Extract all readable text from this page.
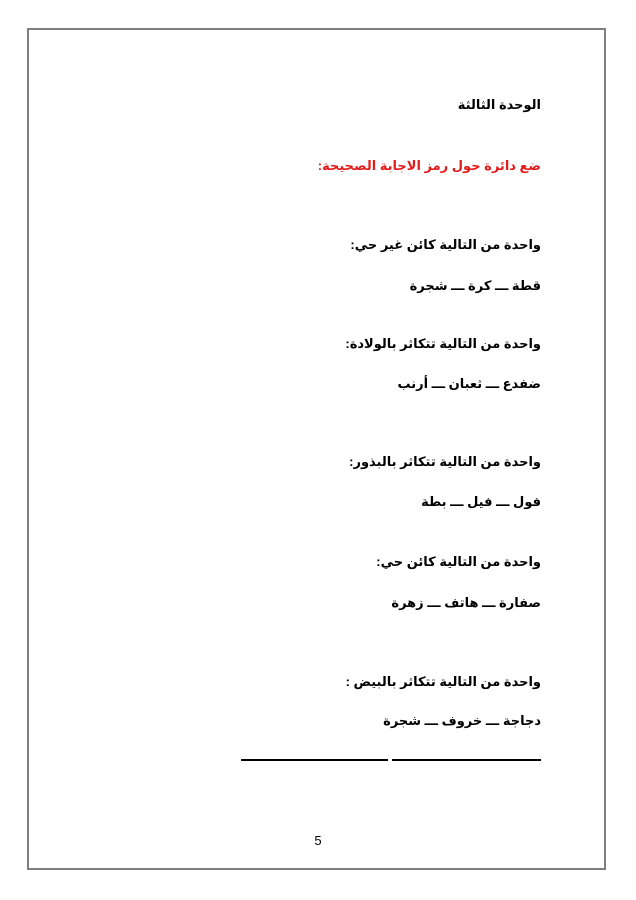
الوحدة الثالثة
ضع دائرة حول رمز الاجابة الصحيحة:
واحدة من التالية كائن غير حي:
قطة ـــ كرة ـــ شجرة
واحدة من التالية تتكاثر بالولادة:
ضفدع ـــ ثعبان ـــ أرنب
واحدة من التالية تتكاثر بالبذور:
فول ـــ فيل ـــ بطة
واحدة من التالية كائن حي:
صفارة ـــ هاتف ـــ زهرة
واحدة من التالية تتكاثر بالبيض :
دجاجة ـــ خروف ـــ شجرة
5
